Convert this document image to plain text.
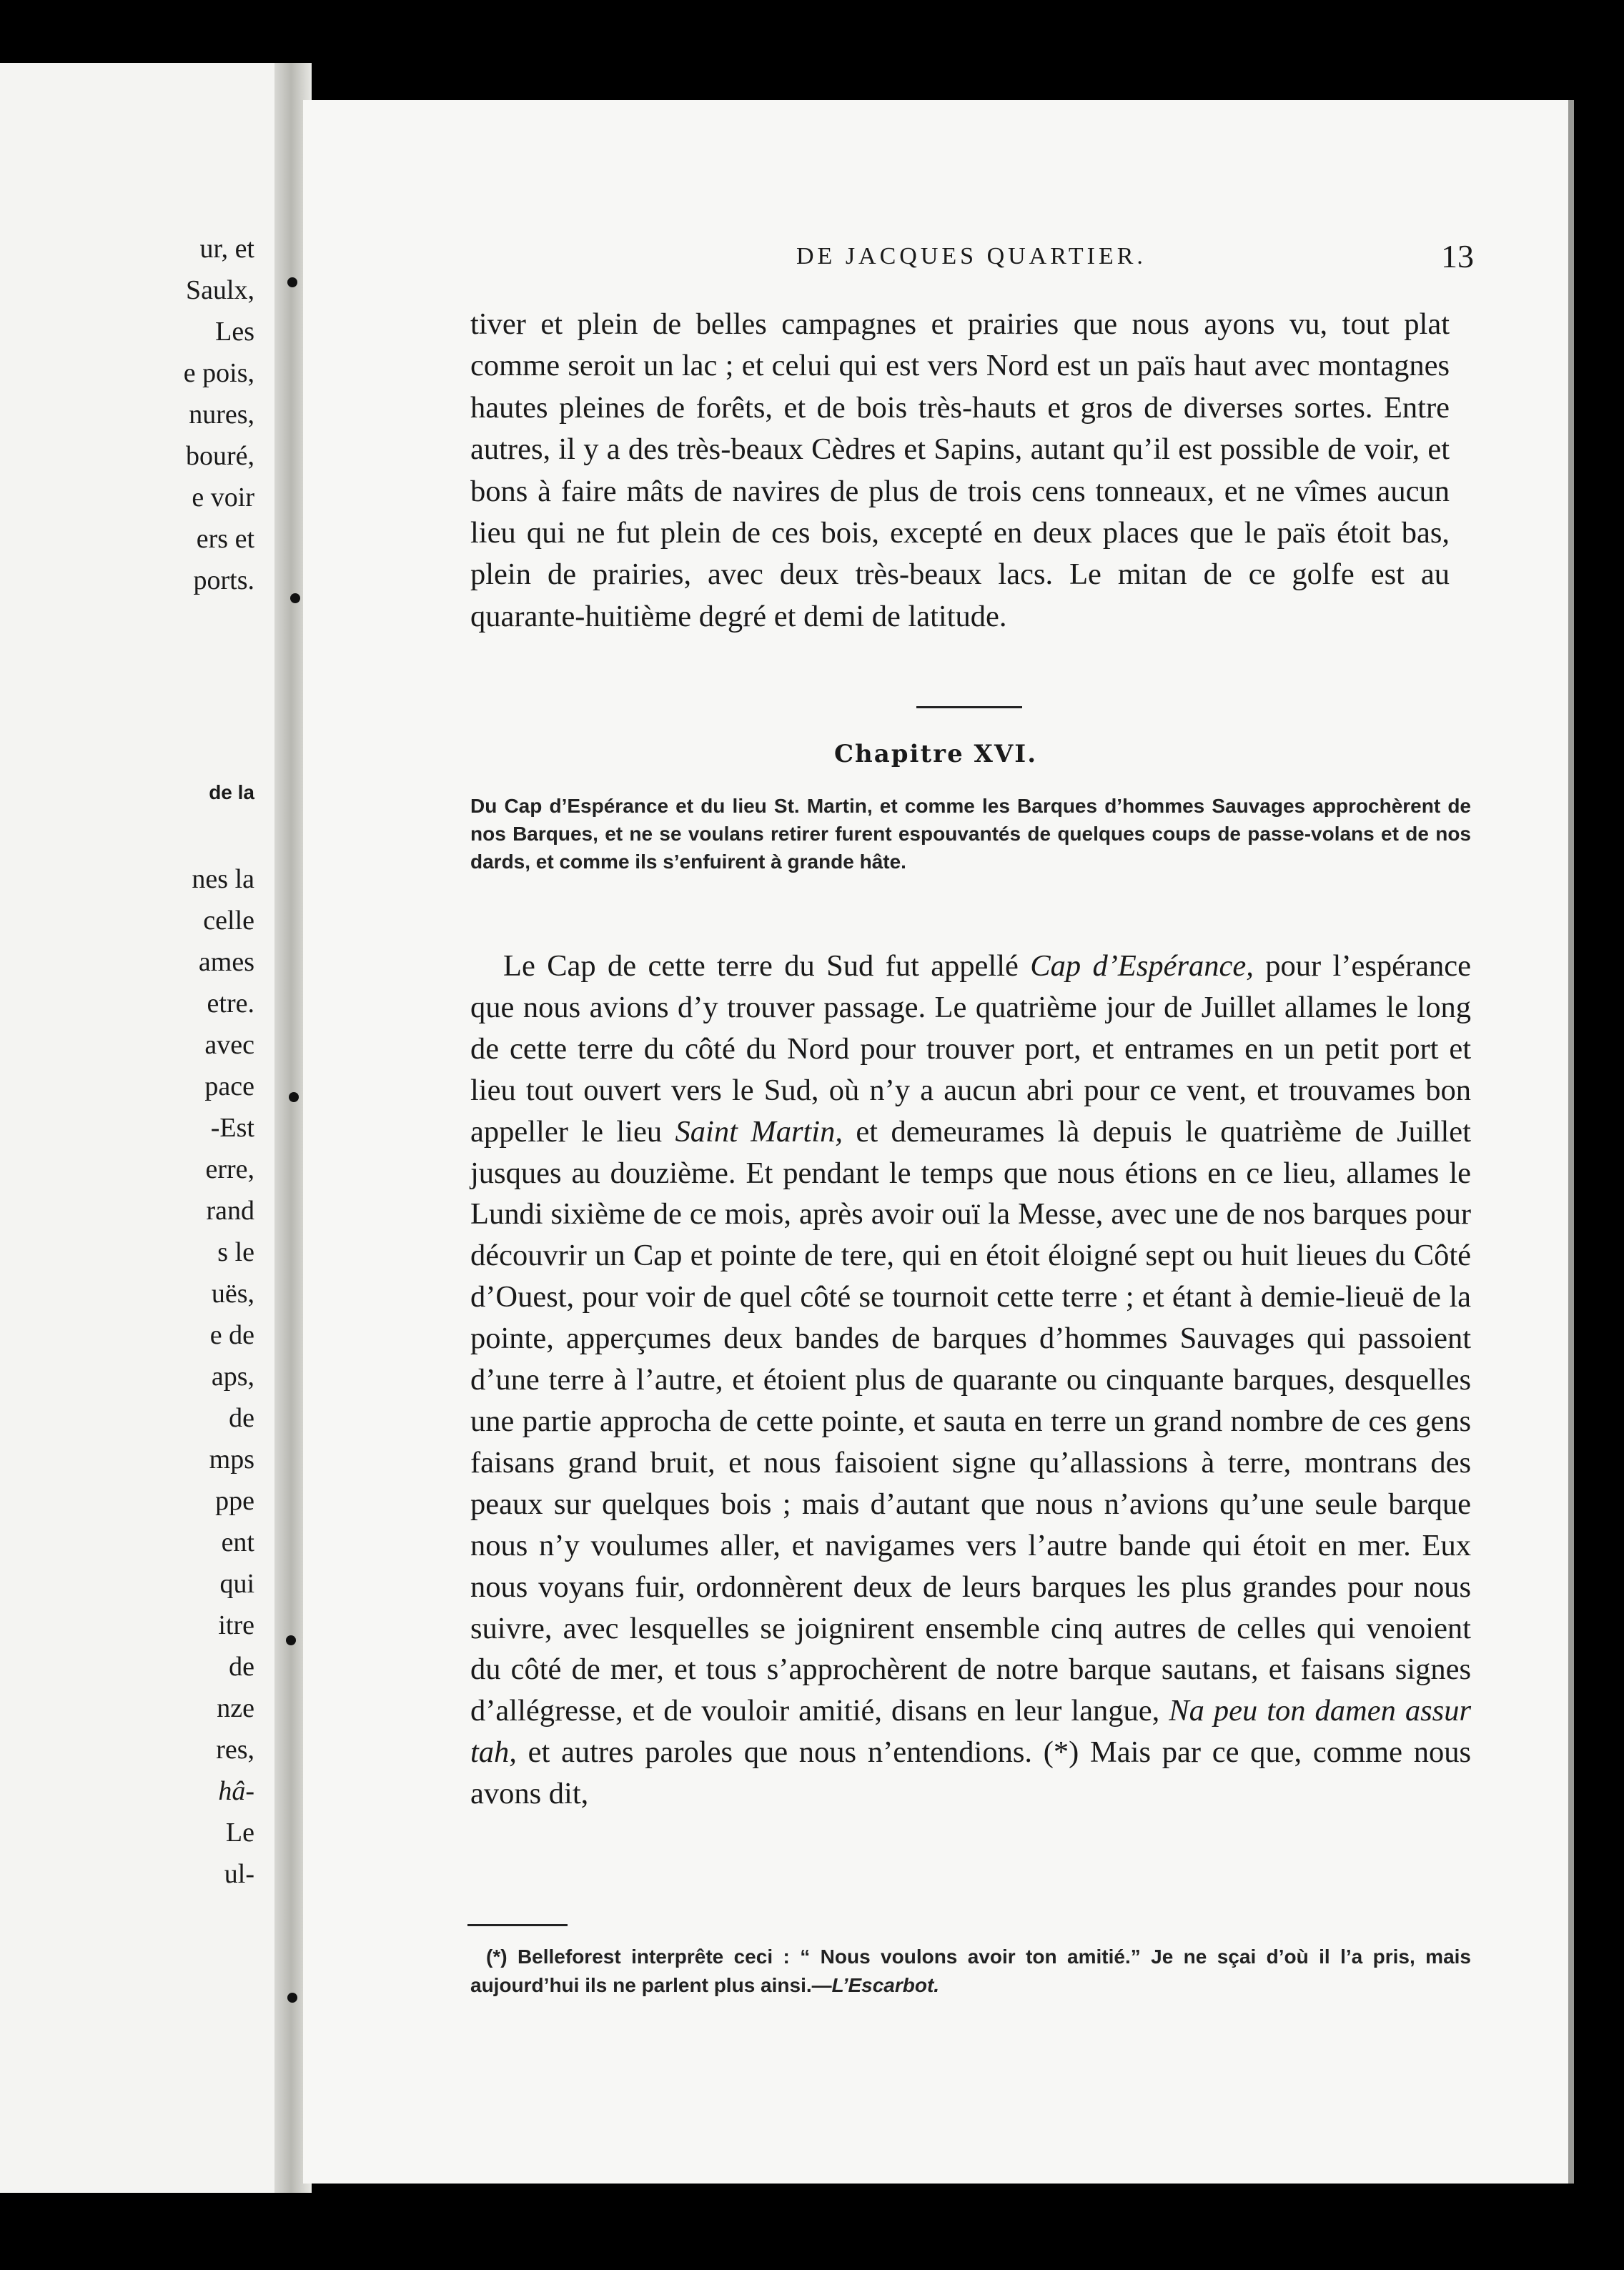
ur, et
Saulx,
Les
e pois,
nures,
bouré,
e voir
ers et
ports.
de la
nes la
celle
ames
etre.
avec
pace
-Est
erre,
rand
s le
uës,
e de
aps,
de
mps
ppe
ent
qui
itre
de
nze
res,
hâ-
Le
ul-
DE JACQUES QUARTIER.	13

tiver et plein de belles campagnes et prairies que nous ayons vu, tout plat comme seroit un lac ; et celui qui est vers Nord est un païs haut avec montagnes hautes pleines de forêts, et de bois très-hauts et gros de diverses sortes. Entre autres, il y a des très-beaux Cèdres et Sapins, autant qu’il est possible de voir, et bons à faire mâts de navires de plus de trois cens tonneaux, et ne vîmes aucun lieu qui ne fut plein de ces bois, excepté en deux places que le païs étoit bas, plein de prairies, avec deux très-beaux lacs. Le mitan de ce golfe est au quarante-huitième degré et demi de latitude.

Chapitre XVI.

Du Cap d’Espérance et du lieu St. Martin, et comme les Barques d’hommes Sauvages approchèrent de nos Barques, et ne se voulans retirer furent espouvantés de quelques coups de passe-volans et de nos dards, et comme ils s’enfuirent à grande hâte.

Le Cap de cette terre du Sud fut appellé Cap d’Espérance, pour l’espérance que nous avions d’y trouver passage. Le quatrième jour de Juillet allames le long de cette terre du côté du Nord pour trouver port, et entrames en un petit port et lieu tout ouvert vers le Sud, où n’y a aucun abri pour ce vent, et trouvames bon appeller le lieu Saint Martin, et demeurames là depuis le quatrième de Juillet jusques au douzième. Et pendant le temps que nous étions en ce lieu, allames le Lundi sixième de ce mois, après avoir ouï la Messe, avec une de nos barques pour découvrir un Cap et pointe de tere, qui en étoit éloigné sept ou huit lieues du Côté d’Ouest, pour voir de quel côté se tournoit cette terre ; et étant à demie-lieuë de la pointe, apperçumes deux bandes de barques d’hommes Sauvages qui passoient d’une terre à l’autre, et étoient plus de quarante ou cinquante barques, desquelles une partie approcha de cette pointe, et sauta en terre un grand nombre de ces gens faisans grand bruit, et nous faisoient signe qu’allassions à terre, montrans des peaux sur quelques bois ; mais d’autant que nous n’avions qu’une seule barque nous n’y voulumes aller, et navigames vers l’autre bande qui étoit en mer. Eux nous voyans fuir, ordonnèrent deux de leurs barques les plus grandes pour nous suivre, avec lesquelles se joignirent ensemble cinq autres de celles qui venoient du côté de mer, et tous s’approchèrent de notre barque sautans, et faisans signes d’allégresse, et de vouloir amitié, disans en leur langue, Na peu ton damen assur tah, et autres paroles que nous n’entendions. (*) Mais par ce que, comme nous avons dit,

(*) Belleforest interprête ceci : “ Nous voulons avoir ton amitié.” Je ne sçai d’où il l’a pris, mais aujourd’hui ils ne parlent plus ainsi.—L’Escarbot.
